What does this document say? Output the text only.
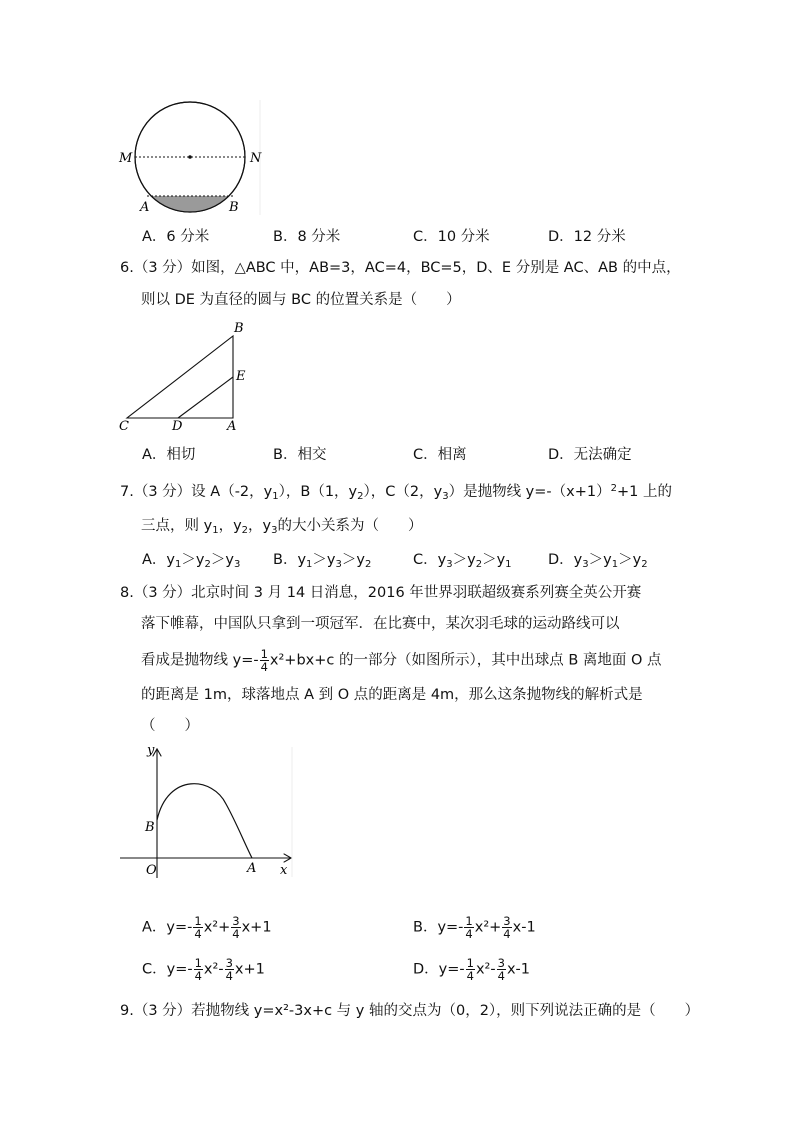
M	N
A	B
A．6 分米	B．8 分米	C．10 分米	D．12 分米
6.（3 分）如图，△ABC 中，AB=3，AC=4，BC=5，D、E 分别是 AC、AB 的中点，
则以 DE 为直径的圆与 BC 的位置关系是（　　）
B
E
C	D	A
A．相切	B．相交	C．相离	D．无法确定
7.（3 分）设 A（-2，$y_1$），B（1，$y_2$），C（2，$y_3$）是抛物线 $y=-(x+1)^2+1$ 上的
三点，则 $y_1$，$y_2$，$y_3$的大小关系为（　　）
A．$y_1>y_2>y_3$ B．$y_1>y_3>y_2$	C．$y_3>y_2>y_1$	D．$y_3>y_1>y_2$
8.（3 分）北京时间 3 月 14 日消息，2016 年世界羽联超级赛系列赛全英公开赛
落下帷幕，中国队只拿到一项冠军．在比赛中，某次羽毛球的运动路线可以
看成是抛物线 $y=- \frac{1}{4} x^2+bx+c$ 的一部分（如图所示），其中出球点 B 离地面 O 点
的距离是 1m，球落地点 A 到 O 点的距离是 4m，那么这条抛物线的解析式是
（　　）
y
B
O	A x
A．$y=- \frac{1}{4} x^2+ \frac{3}{4} x+1$	B．$y=- \frac{1}{4} x^2+ \frac{3}{4} x-1$
C．$y=- \frac{1}{4} x^2- \frac{3}{4} x+1$	D．$y=- \frac{1}{4} x^2- \frac{3}{4} x-1$
9.（3 分）若抛物线 y=x²-3x+c 与 y 轴的交点为（0，2），则下列说法正确的是（　　）
